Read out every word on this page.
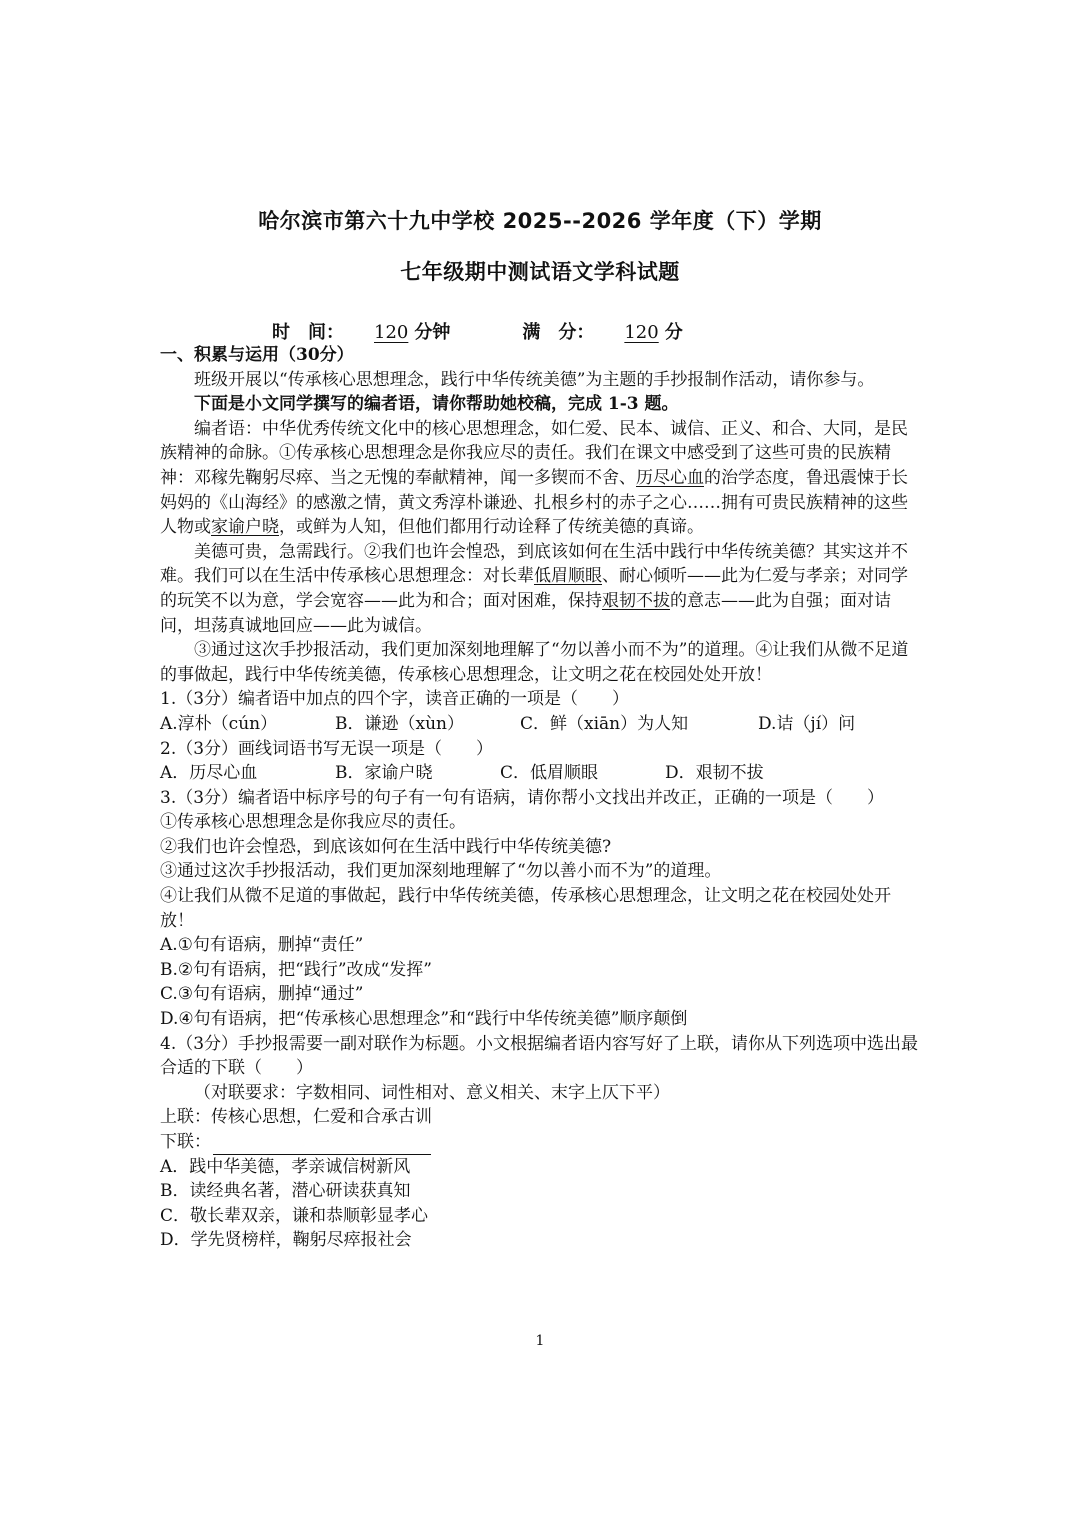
哈尔滨市第六十九中学校 2025--2026 学年度（下）学期
七年级期中测试语文学科试题
时　间： 120 分钟	满　分： 120 分

一、积累与运用（30分）

班级开展以“传承核心思想理念，践行中华传统美德”为主题的手抄报制作活动，请你参与。

下面是小文同学撰写的编者语，请你帮助她校稿，完成 1-3 题。

编者语：中华优秀传统文化中的核心思想理念，如仁爱、民本、诚信、正义、和合、大同，是民族精神的命脉。①传承核心思想理念是你我应尽的责任。我们在课文中感受到了这些可贵的民族精神：邓稼先鞠躬尽瘁、当之无愧的奉献精神，闻一多锲而不舍、历尽心血的治学态度，鲁迅震悚于长妈妈的《山海经》的感激之情，黄文秀淳朴谦逊、扎根乡村的赤子之心……拥有可贵民族精神的这些人物或家谕户晓，或鲜为人知，但他们都用行动诠释了传统美德的真谛。

美德可贵，急需践行。②我们也许会惶恐，到底该如何在生活中践行中华传统美德？其实这并不难。我们可以在生活中传承核心思想理念：对长辈低眉顺眼、耐心倾听——此为仁爱与孝亲；对同学的玩笑不以为意，学会宽容——此为和合；面对困难，保持艰韧不拔的意志——此为自强；面对诘问，坦荡真诚地回应——此为诚信。

③通过这次手抄报活动，我们更加深刻地理解了“勿以善小而不为”的道理。④让我们从微不足道的事做起，践行中华传统美德，传承核心思想理念，让文明之花在校园处处开放！

1.（3分）编者语中加点的四个字，读音正确的一项是（　　）

A.淳朴（cún）	B．谦逊（xùn）	C．鲜（xiān）为人知	D.诘（jí）问

2.（3分）画线词语书写无误一项是（　　）

A．历尽心血	B．家谕户晓	C．低眉顺眼	D．艰韧不拔

3.（3分）编者语中标序号的句子有一句有语病，请你帮小文找出并改正，正确的一项是（　　）

①传承核心思想理念是你我应尽的责任。

②我们也许会惶恐，到底该如何在生活中践行中华传统美德?

③通过这次手抄报活动，我们更加深刻地理解了“勿以善小而不为”的道理。

④让我们从微不足道的事做起，践行中华传统美德，传承核心思想理念，让文明之花在校园处处开放！

A.①句有语病，删掉“责任”

B.②句有语病，把“践行”改成“发挥”

C.③句有语病，删掉“通过”

D.④句有语病，把“传承核心思想理念”和“践行中华传统美德”顺序颠倒

4.（3分）手抄报需要一副对联作为标题。小文根据编者语内容写好了上联，请你从下列选项中选出最合适的下联（　　）

（对联要求：字数相同、词性相对、意义相关、末字上仄下平）

上联：传核心思想，仁爱和合承古训

下联：

A．践中华美德，孝亲诚信树新风

B．读经典名著，潜心研读获真知

C．敬长辈双亲，谦和恭顺彰显孝心

D．学先贤榜样，鞠躬尽瘁报社会

1
